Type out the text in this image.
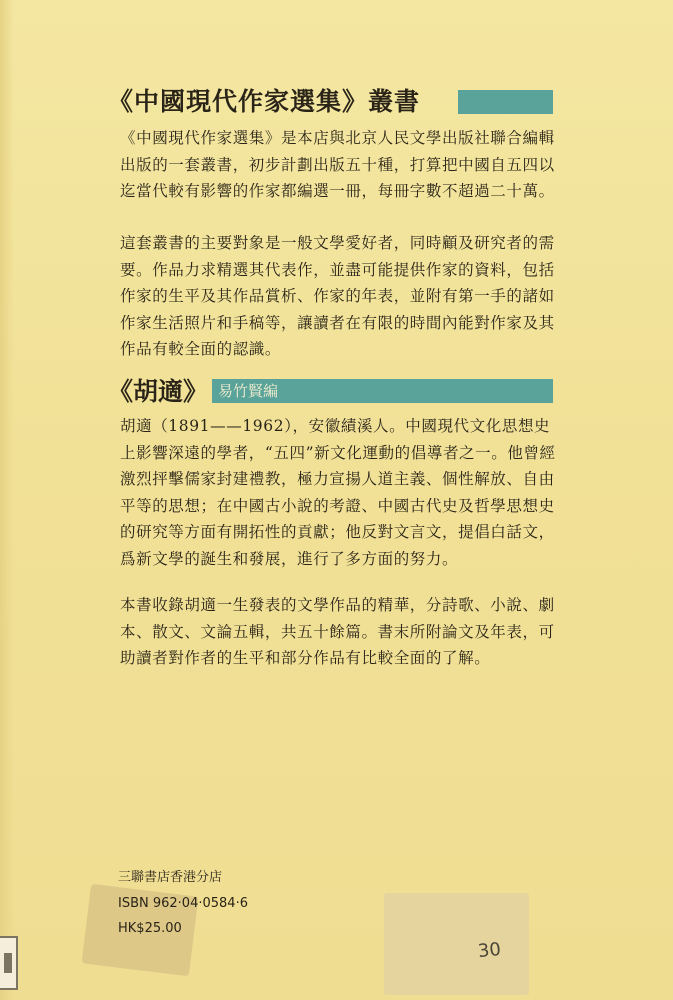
《中國現代作家選集》叢書

《中國現代作家選集》是本店與北京人民文學出版社聯合編輯出版的一套叢書，初步計劃出版五十種，打算把中國自五四以迄當代較有影響的作家都編選一冊，每冊字數不超過二十萬。

這套叢書的主要對象是一般文學愛好者，同時顧及研究者的需要。作品力求精選其代表作，並盡可能提供作家的資料，包括作家的生平及其作品賞析、作家的年表，並附有第一手的諸如作家生活照片和手稿等，讓讀者在有限的時間內能對作家及其作品有較全面的認識。

《胡適》 易竹賢編

胡適（1891——1962），安徽績溪人。中國現代文化思想史上影響深遠的學者，“五四”新文化運動的倡導者之一。他曾經激烈抨擊儒家封建禮教，極力宣揚人道主義、個性解放、自由平等的思想；在中國古小說的考證、中國古代史及哲學思想史的研究等方面有開拓性的貢獻；他反對文言文，提倡白話文，爲新文學的誕生和發展，進行了多方面的努力。

本書收錄胡適一生發表的文學作品的精華，分詩歌、小說、劇本、散文、文論五輯，共五十餘篇。書末所附論文及年表，可助讀者對作者的生平和部分作品有比較全面的了解。

三聯書店香港分店
ISBN 962·04·0584·6
HK$25.00
30
